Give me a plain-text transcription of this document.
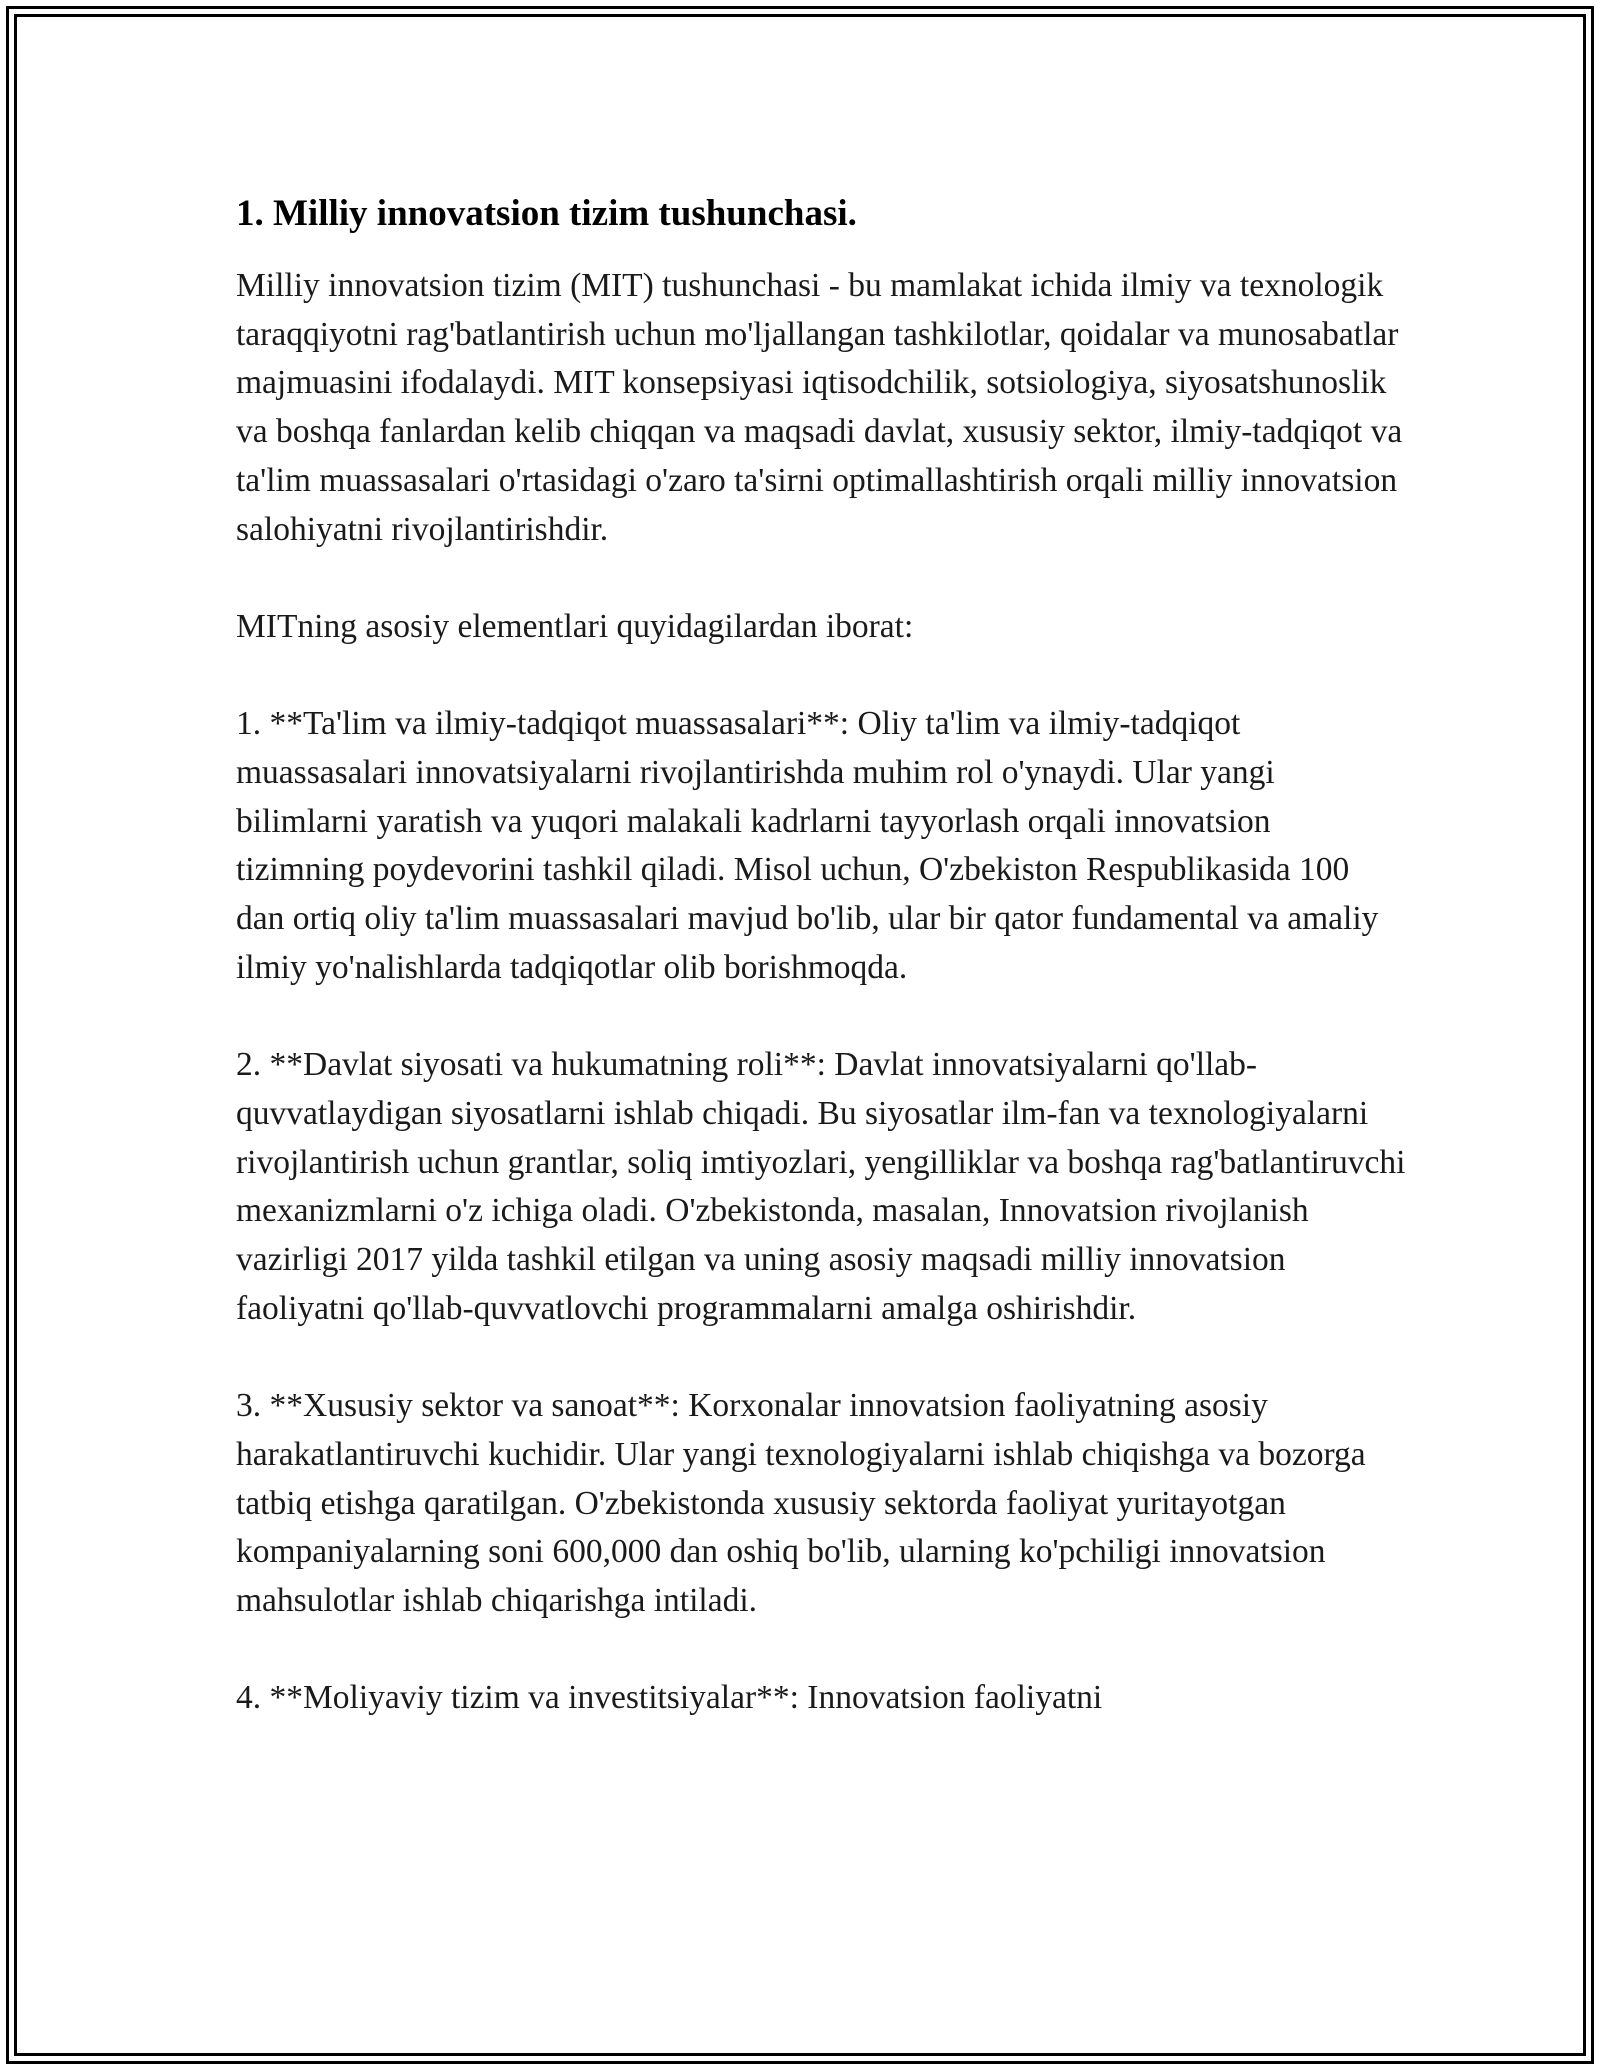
1. Milliy innovatsion tizim tushunchasi.

Milliy innovatsion tizim (MIT) tushunchasi - bu mamlakat ichida ilmiy va texnologik taraqqiyotni rag'batlantirish uchun mo'ljallangan tashkilotlar, qoidalar va munosabatlar majmuasini ifodalaydi. MIT konsepsiyasi iqtisodchilik, sotsiologiya, siyosatshunoslik va boshqa fanlardan kelib chiqqan va maqsadi davlat, xususiy sektor, ilmiy-tadqiqot va ta'lim muassasalari o'rtasidagi o'zaro ta'sirni optimallashtirish orqali milliy innovatsion salohiyatni rivojlantirishdir.

MITning asosiy elementlari quyidagilardan iborat:

1. **Ta'lim va ilmiy-tadqiqot muassasalari**: Oliy ta'lim va ilmiy-tadqiqot muassasalari innovatsiyalarni rivojlantirishda muhim rol o'ynaydi. Ular yangi bilimlarni yaratish va yuqori malakali kadrlarni tayyorlash orqali innovatsion tizimning poydevorini tashkil qiladi. Misol uchun, O'zbekiston Respublikasida 100 dan ortiq oliy ta'lim muassasalari mavjud bo'lib, ular bir qator fundamental va amaliy ilmiy yo'nalishlarda tadqiqotlar olib borishmoqda.

2. **Davlat siyosati va hukumatning roli**: Davlat innovatsiyalarni qo'llab-quvvatlaydigan siyosatlarni ishlab chiqadi. Bu siyosatlar ilm-fan va texnologiyalarni rivojlantirish uchun grantlar, soliq imtiyozlari, yengilliklar va boshqa rag'batlantiruvchi mexanizmlarni o'z ichiga oladi. O'zbekistonda, masalan, Innovatsion rivojlanish vazirligi 2017 yilda tashkil etilgan va uning asosiy maqsadi milliy innovatsion faoliyatni qo'llab-quvvatlovchi programmalarni amalga oshirishdir.

3. **Xususiy sektor va sanoat**: Korxonalar innovatsion faoliyatning asosiy harakatlantiruvchi kuchidir. Ular yangi texnologiyalarni ishlab chiqishga va bozorga tatbiq etishga qaratilgan. O'zbekistonda xususiy sektorda faoliyat yuritayotgan kompaniyalarning soni 600,000 dan oshiq bo'lib, ularning ko'pchiligi innovatsion mahsulotlar ishlab chiqarishga intiladi.

4. **Moliyaviy tizim va investitsiyalar**: Innovatsion faoliyatni
